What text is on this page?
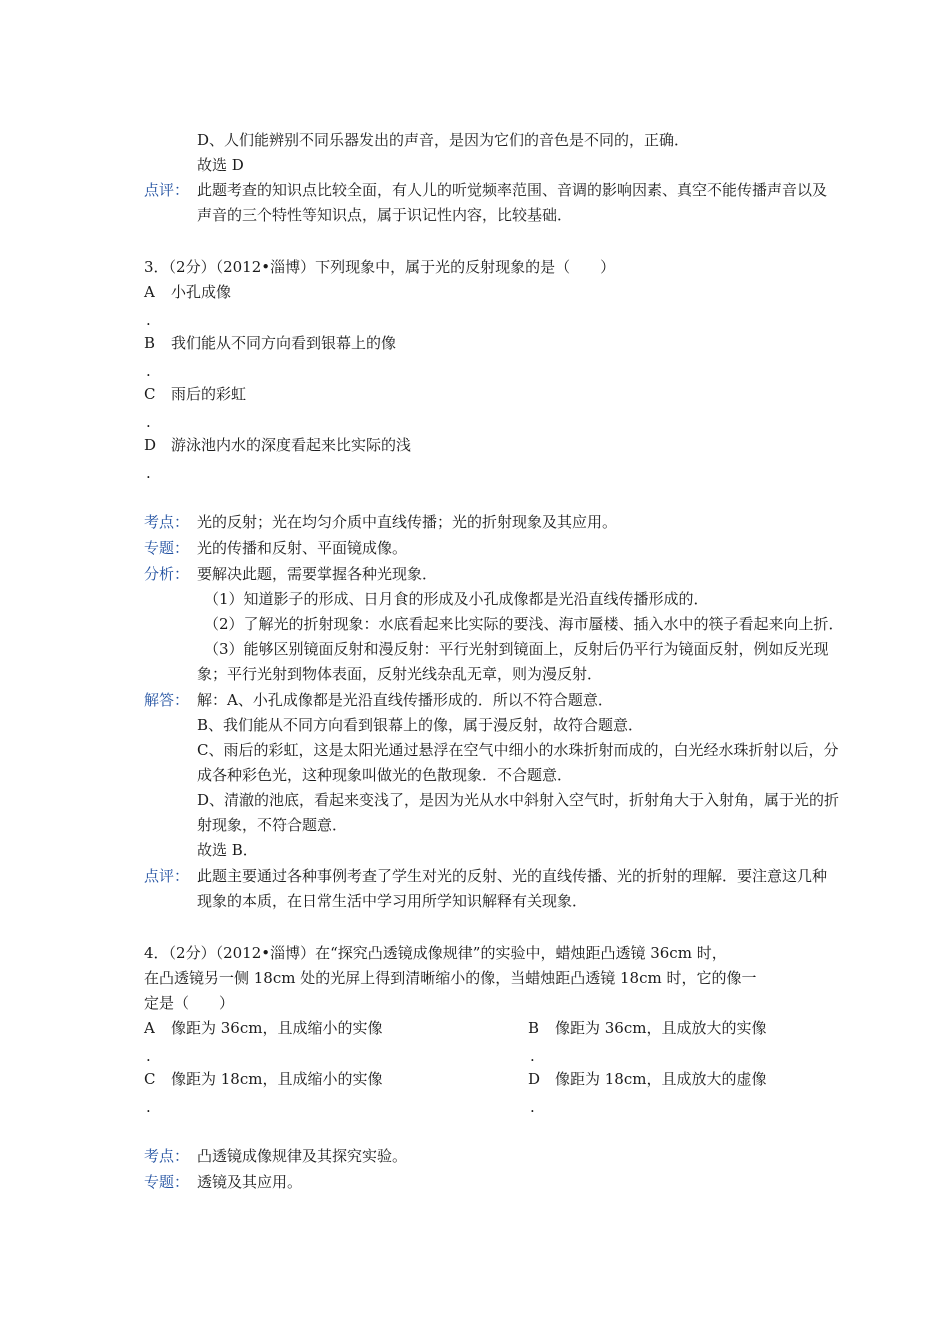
D、人们能辨别不同乐器发出的声音，是因为它们的音色是不同的，正确．
故选 D
点评： 此题考查的知识点比较全面，有人儿的听觉频率范围、音调的影响因素、真空不能传播声音以及
声音的三个特性等知识点，属于识记性内容，比较基础．
3．（2分）（2012•淄博）下列现象中，属于光的反射现象的是（　　）
A 小孔成像
.
B 我们能从不同方向看到银幕上的像
.
C 雨后的彩虹
.
D 游泳池内水的深度看起来比实际的浅
.
考点： 光的反射；光在均匀介质中直线传播；光的折射现象及其应用。
专题： 光的传播和反射、平面镜成像。
分析： 要解决此题，需要掌握各种光现象．
（1）知道影子的形成、日月食的形成及小孔成像都是光沿直线传播形成的．
（2）了解光的折射现象：水底看起来比实际的要浅、海市蜃楼、插入水中的筷子看起来向上折．
（3）能够区别镜面反射和漫反射：平行光射到镜面上，反射后仍平行为镜面反射，例如反光现
象；平行光射到物体表面，反射光线杂乱无章，则为漫反射．
解答： 解：A、小孔成像都是光沿直线传播形成的．所以不符合题意．
B、我们能从不同方向看到银幕上的像，属于漫反射，故符合题意．
C、雨后的彩虹，这是太阳光通过悬浮在空气中细小的水珠折射而成的，白光经水珠折射以后，分
成各种彩色光，这种现象叫做光的色散现象．不合题意．
D、清澈的池底，看起来变浅了，是因为光从水中斜射入空气时，折射角大于入射角，属于光的折
射现象，不符合题意．
故选 B．
点评： 此题主要通过各种事例考查了学生对光的反射、光的直线传播、光的折射的理解．要注意这几种
现象的本质，在日常生活中学习用所学知识解释有关现象．
4．（2分）（2012•淄博）在“探究凸透镜成像规律”的实验中，蜡烛距凸透镜 36cm 时，
在凸透镜另一侧 18cm 处的光屏上得到清晰缩小的像，当蜡烛距凸透镜 18cm 时，它的像一
定是（　　）
A 像距为 36cm，且成缩小的实像
.
B 像距为 36cm，且成放大的实像
.
C 像距为 18cm，且成缩小的实像
.
D 像距为 18cm，且成放大的虚像
.
考点： 凸透镜成像规律及其探究实验。
专题： 透镜及其应用。
